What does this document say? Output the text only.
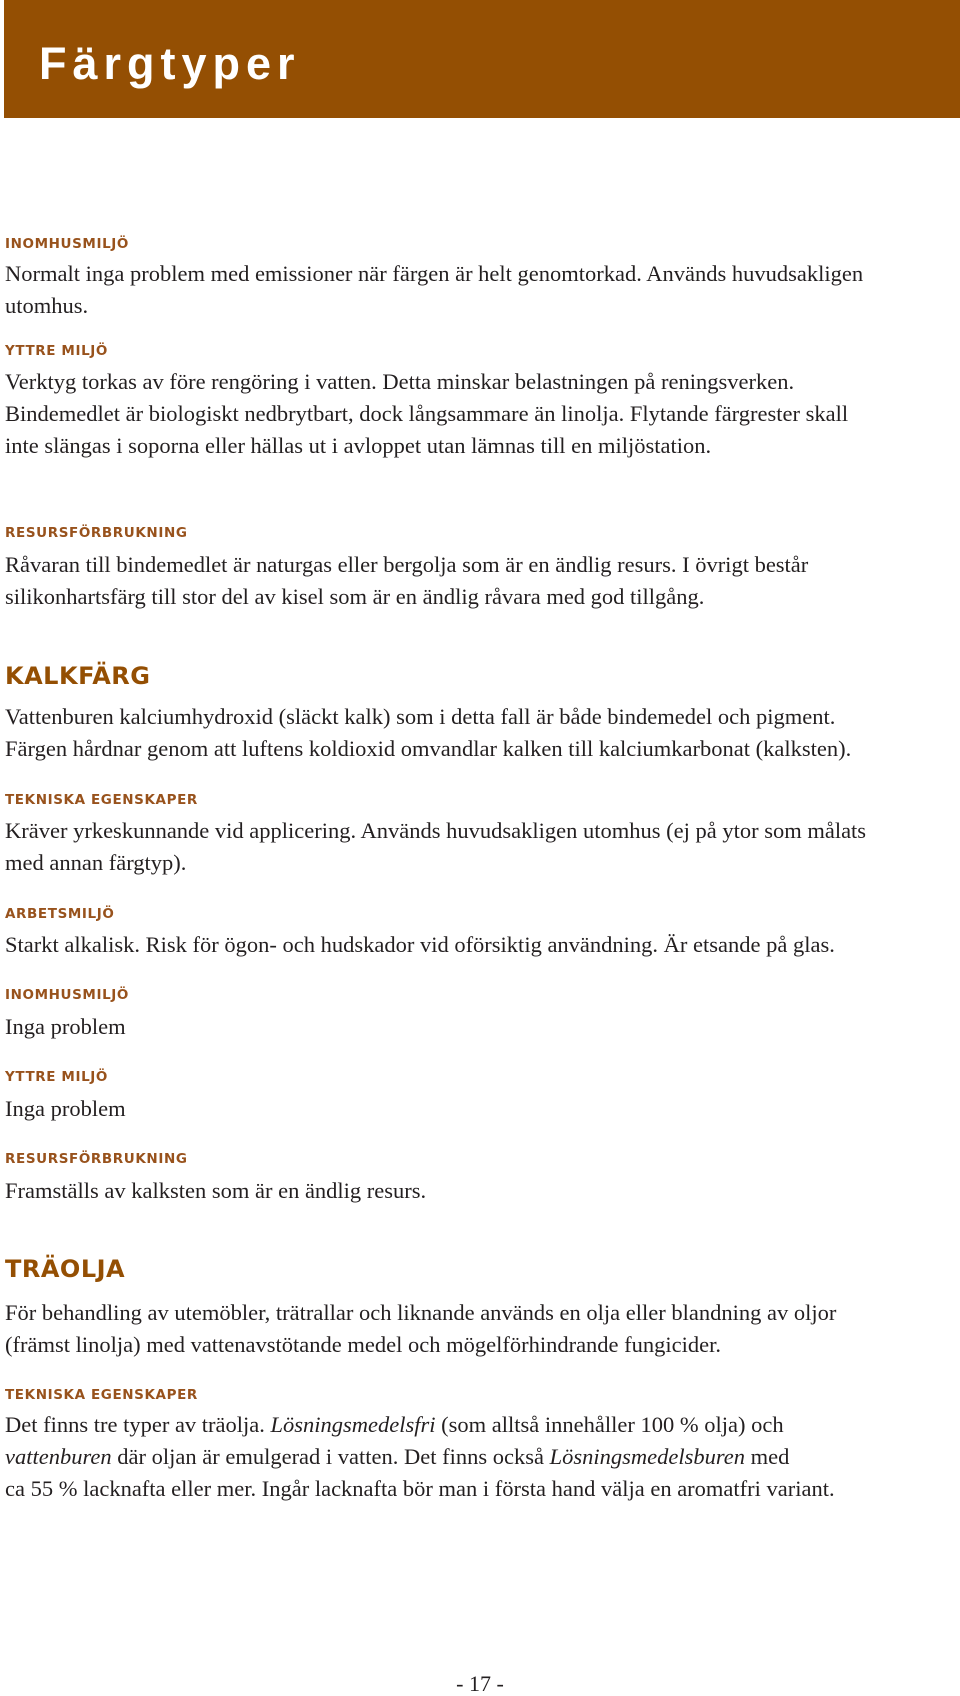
Färgtyper
INOMHUSMILJÖ
Normalt inga problem med emissioner när färgen är helt genomtorkad. Används huvudsakligen
utomhus.
YTTRE MILJÖ
Verktyg torkas av före rengöring i vatten. Detta minskar belastningen på reningsverken.
Bindemedlet är biologiskt nedbrytbart, dock långsammare än linolja. Flytande färgrester skall
inte slängas i soporna eller hällas ut i avloppet utan lämnas till en miljöstation.
RESURSFÖRBRUKNING
Råvaran till bindemedlet är naturgas eller bergolja som är en ändlig resurs. I övrigt består
silikonhartsfärg till stor del av kisel som är en ändlig råvara med god tillgång.
KALKFÄRG
Vattenburen kalciumhydroxid (släckt kalk) som i detta fall är både bindemedel och pigment.
Färgen hårdnar genom att luftens koldioxid omvandlar kalken till kalciumkarbonat (kalksten).
TEKNISKA EGENSKAPER
Kräver yrkeskunnande vid applicering. Används huvudsakligen utomhus (ej på ytor som målats
med annan färgtyp).
ARBETSMILJÖ
Starkt alkalisk. Risk för ögon- och hudskador vid oförsiktig användning. Är etsande på glas.
INOMHUSMILJÖ
Inga problem
YTTRE MILJÖ
Inga problem
RESURSFÖRBRUKNING
Framställs av kalksten som är en ändlig resurs.
TRÄOLJA
För behandling av utemöbler, trätrallar och liknande används en olja eller blandning av oljor
(främst linolja) med vattenavstötande medel och mögelförhindrande fungicider.
TEKNISKA EGENSKAPER
Det finns tre typer av träolja. Lösningsmedelsfri (som alltså innehåller 100 % olja) och
vattenburen där oljan är emulgerad i vatten. Det finns också Lösningsmedelsburen med
ca 55 % lacknafta eller mer. Ingår lacknafta bör man i första hand välja en aromatfri variant.
- 17 -
